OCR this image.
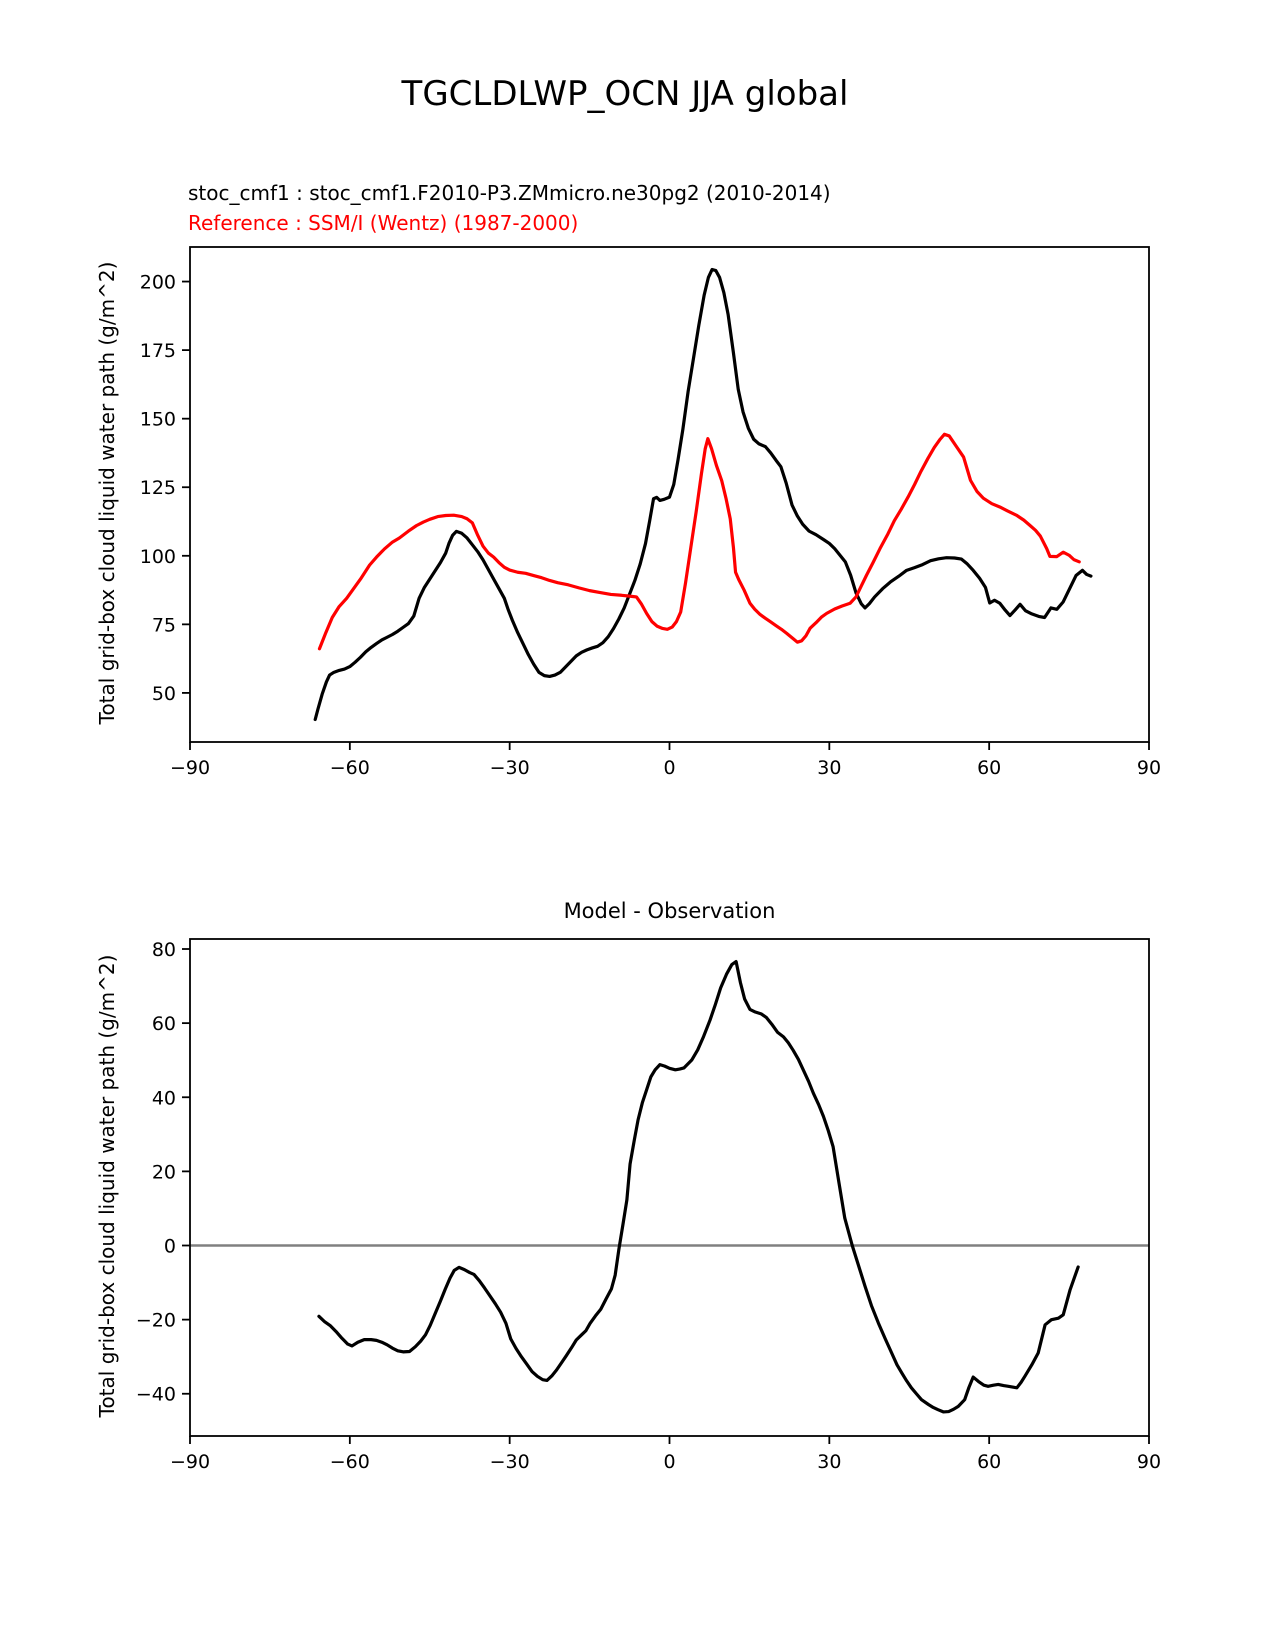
TGCLDLWP_OCN JJA global
stoc_cmf1 : stoc_cmf1.F2010-P3.ZMmicro.ne30pg2 (2010-2014)
Reference : SSM/I (Wentz) (1987-2000)
Total grid-box cloud liquid water path (g/m^2)
−90	−60	−30	0	30	60	90
50
75
100
125
150
175
200
Model - Observation
Total grid-box cloud liquid water path (g/m^2)
−90	−60	−30	0	30	60	90
−40
−20
0
20
40
60
80
